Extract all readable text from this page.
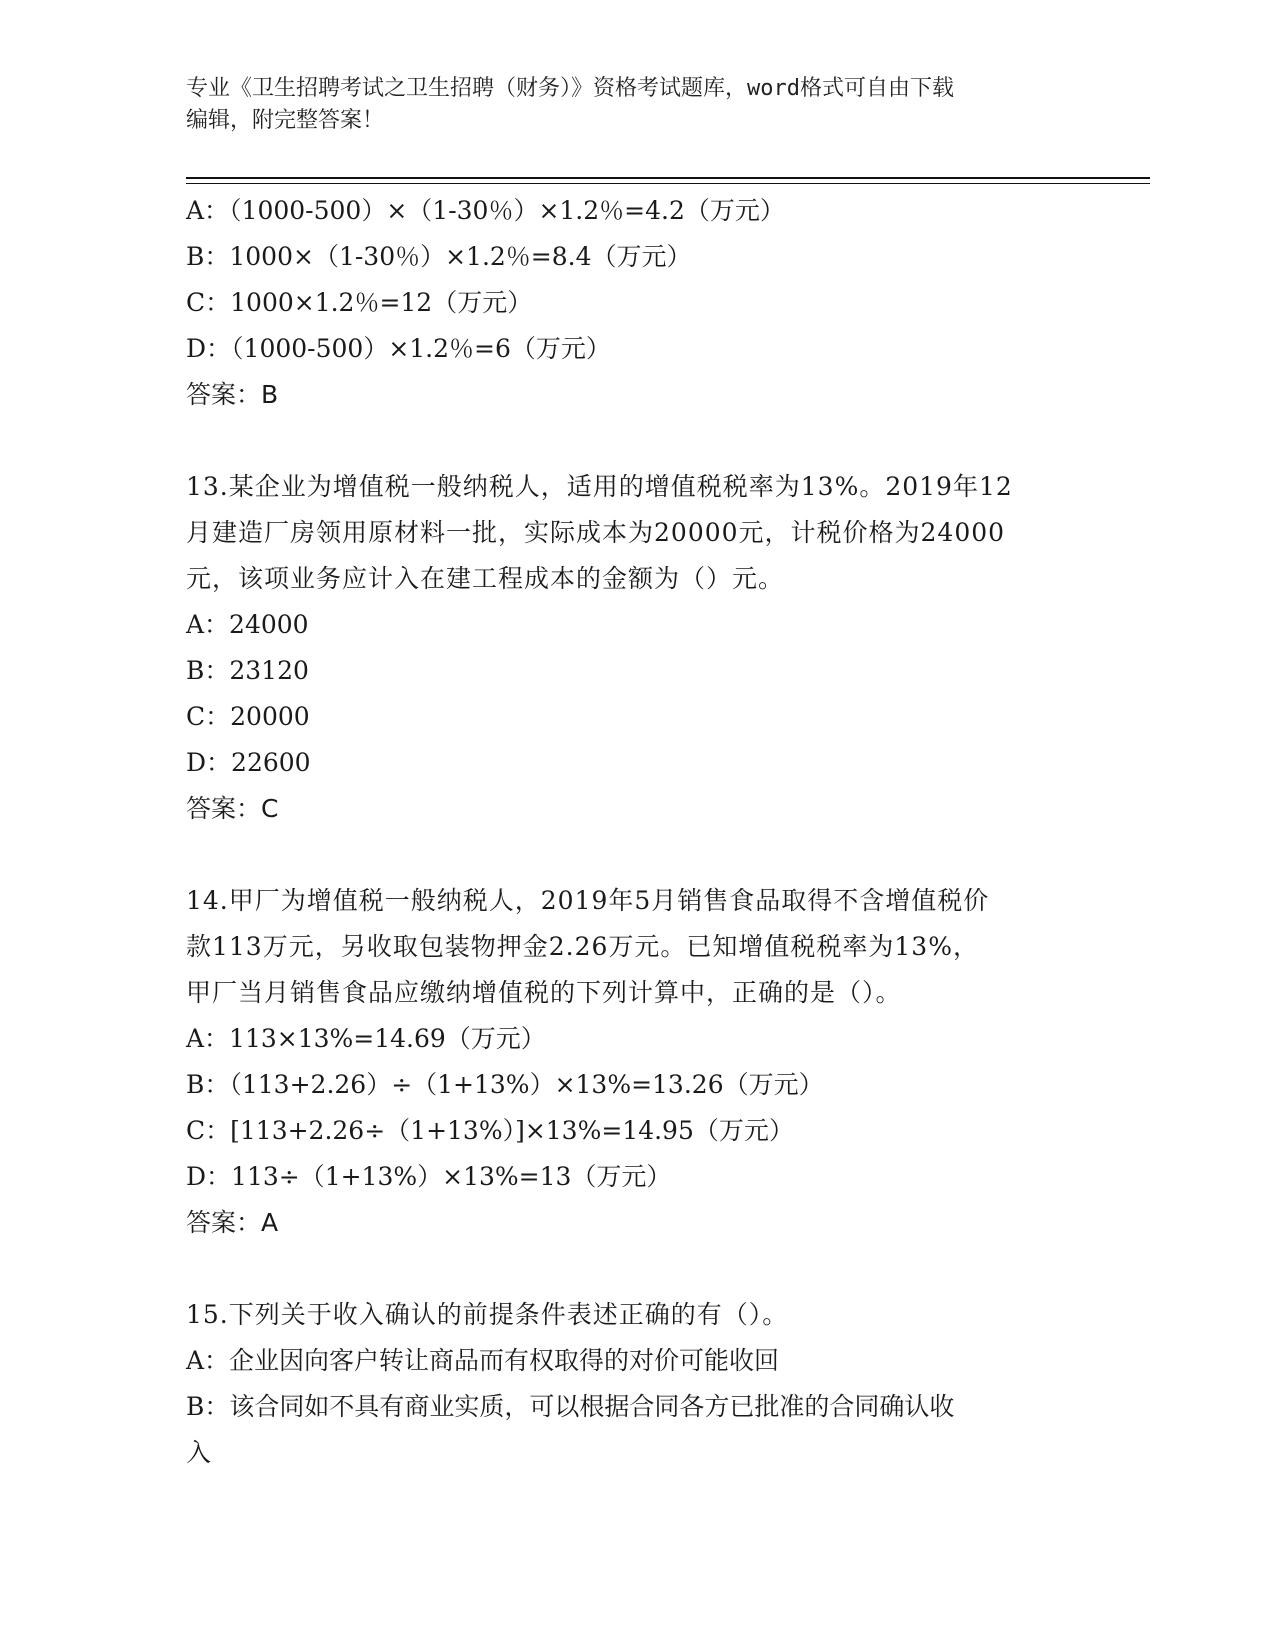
专业《卫生招聘考试之卫生招聘（财务）》资格考试题库，word格式可自由下载
编辑，附完整答案！
A：（1000-500）×（1-30％）×1.2％=4.2（万元）
B：1000×（1-30％）×1.2％=8.4（万元）
C：1000×1.2％=12（万元）
D：（1000-500）×1.2％=6（万元）
答案：B
13.某企业为增值税一般纳税人，适用的增值税税率为13%。2019年12
月建造厂房领用原材料一批，实际成本为20000元，计税价格为24000
元，该项业务应计入在建工程成本的金额为（）元。
A：24000
B：23120
C：20000
D：22600
答案：C
14.甲厂为增值税一般纳税人，2019年5月销售食品取得不含增值税价
款113万元，另收取包装物押金2.26万元。已知增值税税率为13%，
甲厂当月销售食品应缴纳增值税的下列计算中，正确的是（）。
A：113×13%=14.69（万元）
B：（113+2.26）÷（1+13%）×13%=13.26（万元）
C：[113+2.26÷（1+13%）]×13%=14.95（万元）
D：113÷（1+13%）×13%=13（万元）
答案：A
15.下列关于收入确认的前提条件表述正确的有（）。
A：企业因向客户转让商品而有权取得的对价可能收回
B：该合同如不具有商业实质，可以根据合同各方已批准的合同确认收
入
